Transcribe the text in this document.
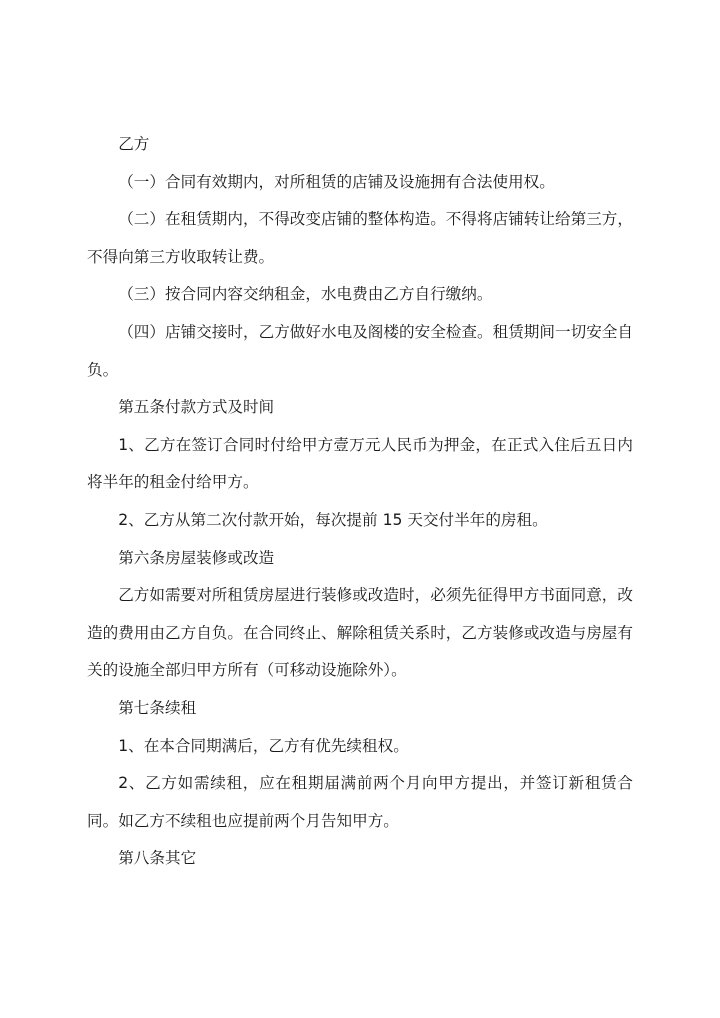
乙方

（一）合同有效期内，对所租赁的店铺及设施拥有合法使用权。

（二）在租赁期内，不得改变店铺的整体构造。不得将店铺转让给第三方，不得向第三方收取转让费。

（三）按合同内容交纳租金，水电费由乙方自行缴纳。

（四）店铺交接时，乙方做好水电及阁楼的安全检查。租赁期间一切安全自负。

第五条付款方式及时间

1、乙方在签订合同时付给甲方壹万元人民币为押金，在正式入住后五日内将半年的租金付给甲方。

2、乙方从第二次付款开始，每次提前 15 天交付半年的房租。

第六条房屋装修或改造

乙方如需要对所租赁房屋进行装修或改造时，必须先征得甲方书面同意，改造的费用由乙方自负。在合同终止、解除租赁关系时，乙方装修或改造与房屋有关的设施全部归甲方所有（可移动设施除外）。

第七条续租

1、在本合同期满后，乙方有优先续租权。

2、乙方如需续租，应在租期届满前两个月向甲方提出，并签订新租赁合同。如乙方不续租也应提前两个月告知甲方。

第八条其它
